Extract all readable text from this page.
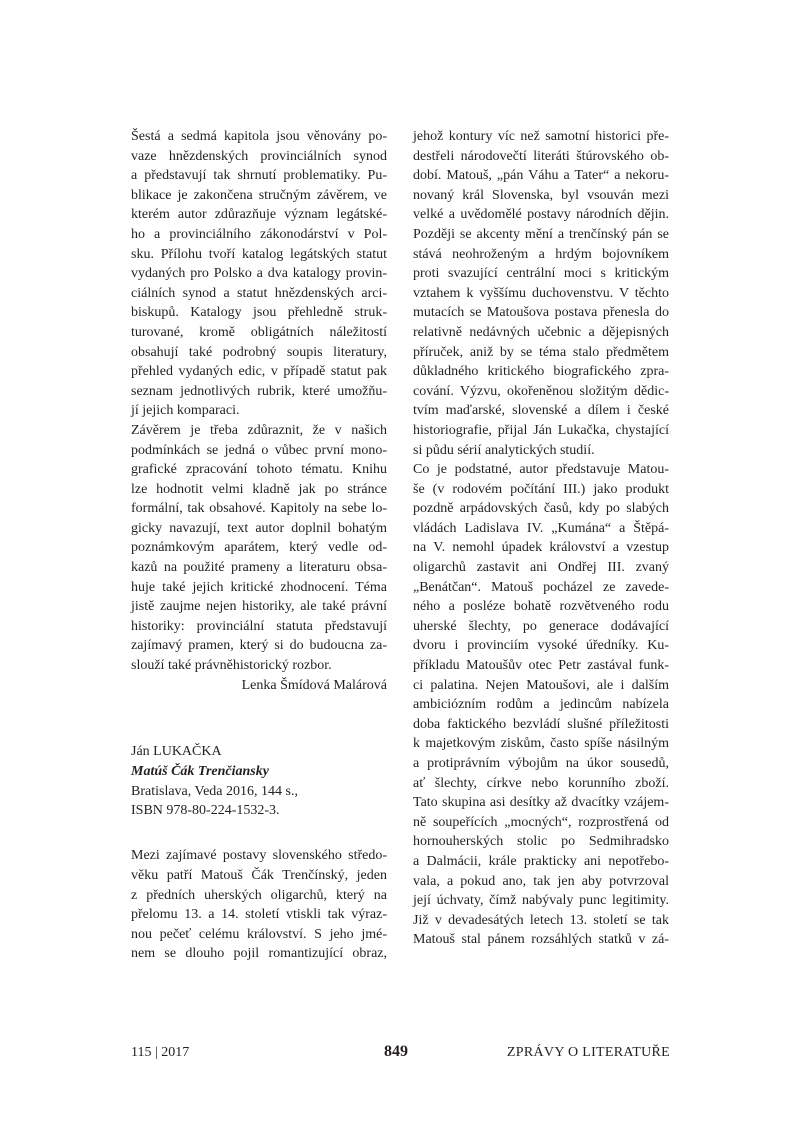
Šestá a sedmá kapitola jsou věnovány po-
vaze hnězdenských provinciálních synod
a představují tak shrnutí problematiky. Pu-
blikace je zakončena stručným závěrem, ve
kterém autor zdůrazňuje význam legátské-
ho a provinciálního zákonodárství v Pol-
sku. Přílohu tvoří katalog legátských statut
vydaných pro Polsko a dva katalogy provin-
ciálních synod a statut hnězdenských arci-
biskupů. Katalogy jsou přehledně struk-
turované, kromě obligátních náležitostí
obsahují také podrobný soupis literatury,
přehled vydaných edic, v případě statut pak
seznam jednotlivých rubrik, které umožňu-
jí jejich komparaci.
Závěrem je třeba zdůraznit, že v našich
podmínkách se jedná o vůbec první mono-
grafické zpracování tohoto tématu. Knihu
lze hodnotit velmi kladně jak po stránce
formální, tak obsahové. Kapitoly na sebe lo-
gicky navazují, text autor doplnil bohatým
poznámkovým aparátem, který vedle od-
kazů na použité prameny a literaturu obsa-
huje také jejich kritické zhodnocení. Téma
jistě zaujme nejen historiky, ale také právní
historiky: provinciální statuta představují
zajímavý pramen, který si do budoucna za-
slouží také právněhistorický rozbor.
Lenka Šmídová Malárová
Ján LUKAČKA
Matúš Čák Trenčiansky
Bratislava, Veda 2016, 144 s.,
ISBN 978-80-224-1532-3.
Mezi zajímavé postavy slovenského středo-
věku patří Matouš Čák Trenčínský, jeden
z předních uherských oligarchů, který na
přelomu 13. a 14. století vtiskli tak výraz-
nou pečeť celému království. S jeho jmé-
nem se dlouho pojil romantizující obraz,
jehož kontury víc než samotní historici pře-
destřeli národovečtí literáti štúrovského ob-
dobí. Matouš, „pán Váhu a Tater“ a nekoru-
novaný král Slovenska, byl vsouván mezi
velké a uvědomělé postavy národních dějin.
Později se akcenty mění a trenčínský pán se
stává neohroženým a hrdým bojovníkem
proti svazující centrální moci s kritickým
vztahem k vyššímu duchovenstvu. V těchto
mutacích se Matoušova postava přenesla do
relativně nedávných učebnic a dějepisných
příruček, aniž by se téma stalo předmětem
důkladného kritického biografického zpra-
cování. Výzvu, okořeněnou složitým dědic-
tvím maďarské, slovenské a dílem i české
historiografie, přijal Ján Lukačka, chystající
si půdu sérií analytických studií.
Co je podstatné, autor představuje Matou-
še (v rodovém počítání III.) jako produkt
pozdně arpádovských časů, kdy po slabých
vládách Ladislava IV. „Kumána“ a Štěpá-
na V. nemohl úpadek království a vzestup
oligarchů zastavit ani Ondřej III. zvaný
„Benátčan“. Matouš pocházel ze zavede-
ného a posléze bohatě rozvětveného rodu
uherské šlechty, po generace dodávající
dvoru i provinciím vysoké úředníky. Ku-
příkladu Matoušův otec Petr zastával funk-
ci palatina. Nejen Matoušovi, ale i dalším
ambiciózním rodům a jedincům nabízela
doba faktického bezvládí slušné příležitosti
k majetkovým ziskům, často spíše násilným
a protiprávním výbojům na úkor sousedů,
ať šlechty, církve nebo korunního zboží.
Tato skupina asi desítky až dvacítky vzájem-
ně soupeřících „mocných“, rozprostřená od
hornouherských stolic po Sedmihradsko
a Dalmácii, krále prakticky ani nepotřebo-
vala, a pokud ano, tak jen aby potvrzoval
její úchvaty, čímž nabývaly punc legitimity.
Již v devadesátých letech 13. století se tak
Matouš stal pánem rozsáhlých statků v zá-
115 | 2017	849	ZPRÁVY O LITERATUŘE
